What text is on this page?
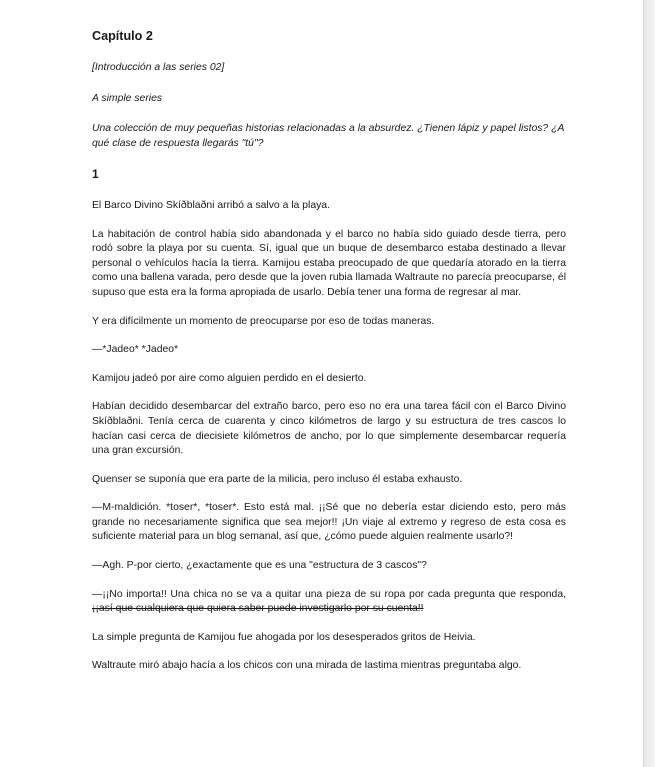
Capítulo 2

[Introducción a las series 02]

A simple series

Una colección de muy pequeñas historias relacionadas a la absurdez. ¿Tienen lápiz y papel listos? ¿A qué clase de respuesta llegarás "tú"?

1

El Barco Divino Skíðblaðni arribó a salvo a la playa.

La habitación de control había sido abandonada y el barco no había sido guiado desde tierra, pero rodó sobre la playa por su cuenta. Sí, igual que un buque de desembarco estaba destinado a llevar personal o vehículos hacía la tierra. Kamijou estaba preocupado de que quedaría atorado en la tierra como una ballena varada, pero desde que la joven rubia llamada Waltraute no parecía preocuparse, él supuso que esta era la forma apropiada de usarlo. Debía tener una forma de regresar al mar.

Y era difícilmente un momento de preocuparse por eso de todas maneras.

—*Jadeo* *Jadeo*

Kamijou jadeó por aire como alguien perdido en el desierto.

Habían decidido desembarcar del extraño barco, pero eso no era una tarea fácil con el Barco Divino Skíðblaðni. Tenía cerca de cuarenta y cinco kilómetros de largo y su estructura de tres cascos lo hacían casi cerca de diecisiete kilómetros de ancho, por lo que simplemente desembarcar requería una gran excursión.

Quenser se suponía que era parte de la milicia, pero incluso él estaba exhausto.

—M-maldición. *toser*, *toser*. Esto está mal. ¡¡Sé que no debería estar diciendo esto, pero más grande no necesariamente significa que sea mejor!! ¡Un viaje al extremo y regreso de esta cosa es suficiente material para un blog semanal, así que, ¿cómo puede alguien realmente usarlo?!

—Agh. P-por cierto, ¿exactamente que es una "estructura de 3 cascos"?

—¡¡No importa!! Una chica no se va a quitar una pieza de su ropa por cada pregunta que responda, ¡¡así que cualquiera que quiera saber puede investigarlo por su cuenta!!

La simple pregunta de Kamijou fue ahogada por los desesperados gritos de Heivia.

Waltraute miró abajo hacía a los chicos con una mirada de lastima mientras preguntaba algo.
